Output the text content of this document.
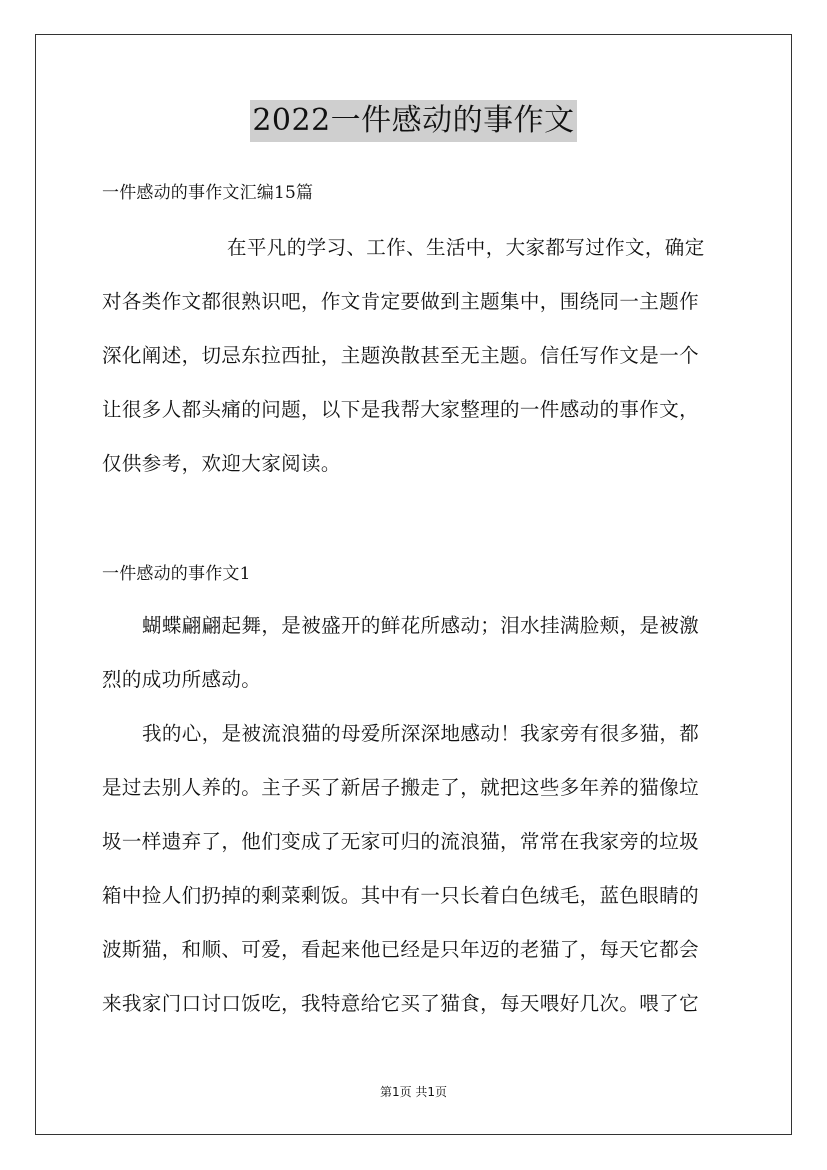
2022一件感动的事作文
一件感动的事作文汇编15篇
在平凡的学习、工作、生活中，大家都写过作文，确定
对各类作文都很熟识吧，作文肯定要做到主题集中，围绕同一主题作
深化阐述，切忌东拉西扯，主题涣散甚至无主题。信任写作文是一个
让很多人都头痛的问题，以下是我帮大家整理的一件感动的事作文，
仅供参考，欢迎大家阅读。
一件感动的事作文1
蝴蝶翩翩起舞，是被盛开的鲜花所感动；泪水挂满脸颊，是被激
烈的成功所感动。
我的心，是被流浪猫的母爱所深深地感动！我家旁有很多猫，都
是过去别人养的。主子买了新居子搬走了，就把这些多年养的猫像垃
圾一样遗弃了，他们变成了无家可归的流浪猫，常常在我家旁的垃圾
箱中捡人们扔掉的剩菜剩饭。其中有一只长着白色绒毛，蓝色眼睛的
波斯猫，和顺、可爱，看起来他已经是只年迈的老猫了，每天它都会
来我家门口讨口饭吃，我特意给它买了猫食，每天喂好几次。喂了它
第1页 共1页
